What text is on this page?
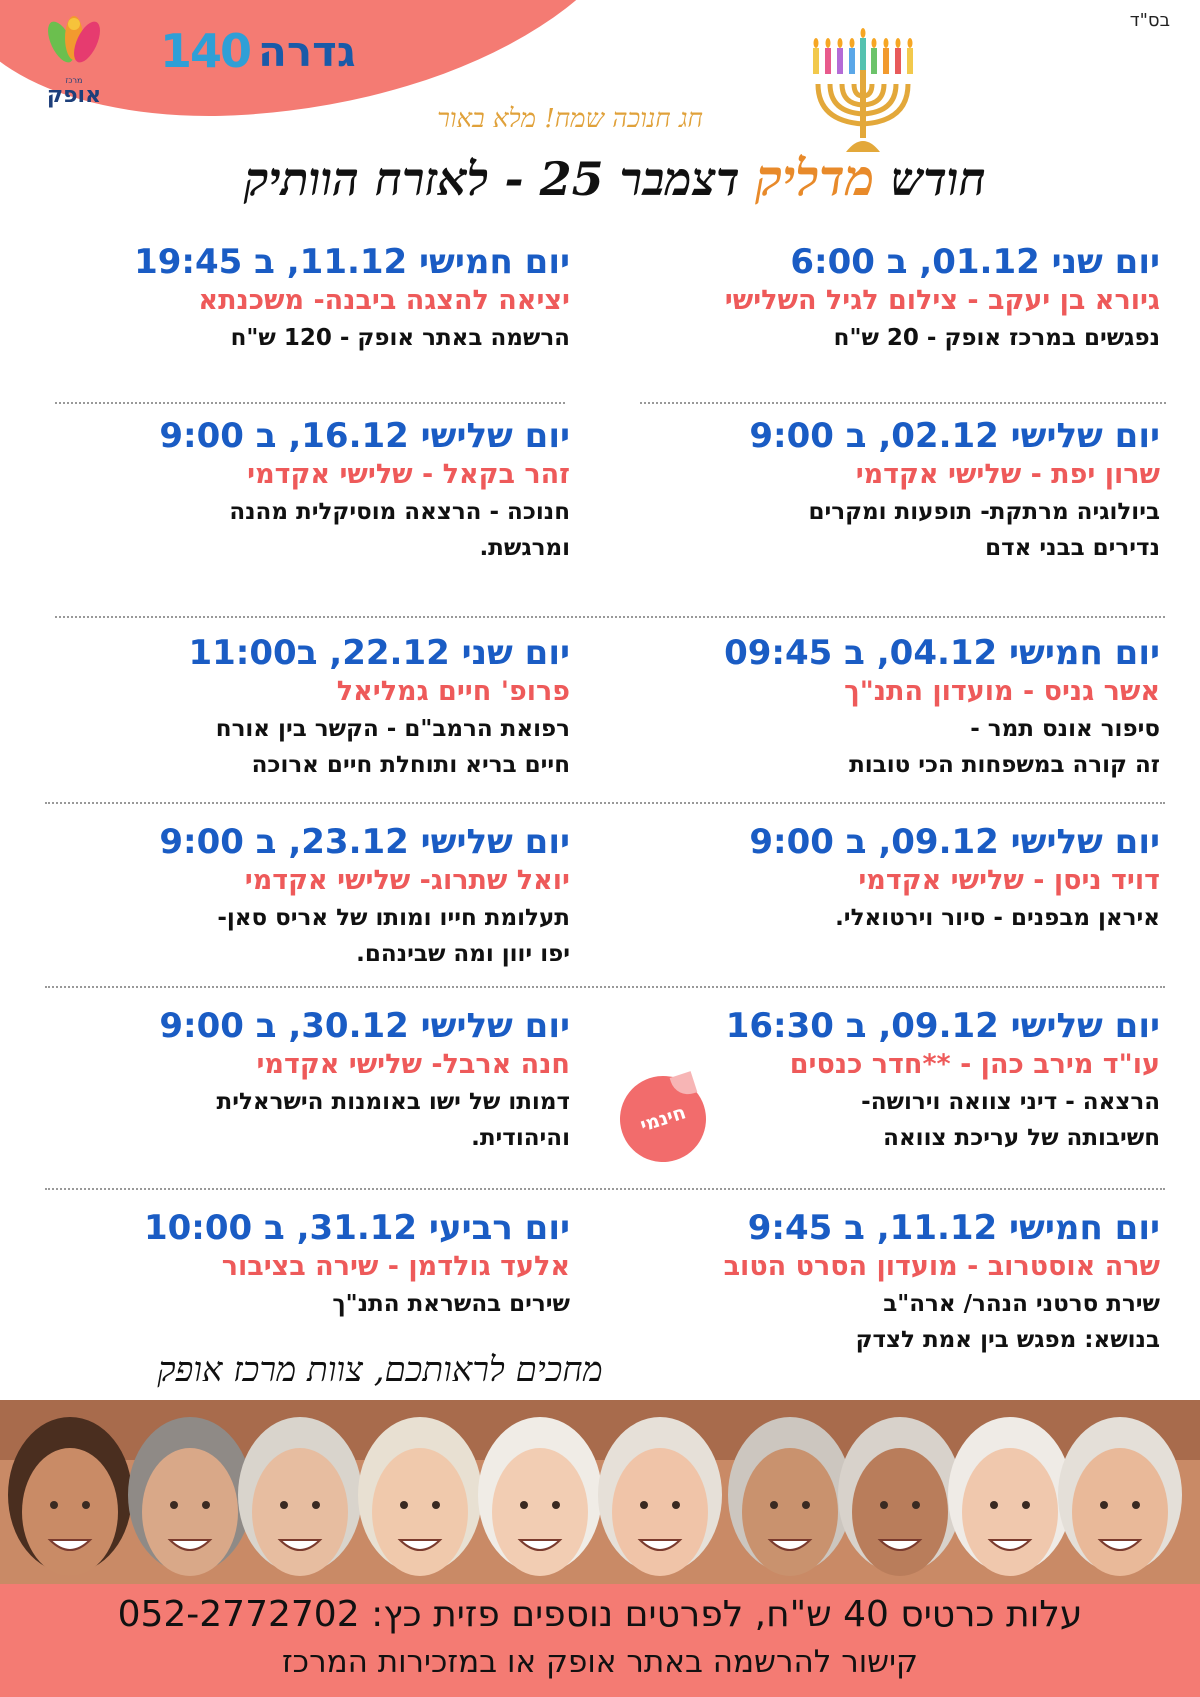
בס"ד
מרכז
אופק
140 גדרה
חג חנוכה שמח! מלא באור
חודש מדליק דצמבר 25 - לאזרח הוותיק
יום שני 01.12, ב 6:00
גיורא בן יעקב - צילום לגיל השלישי
נפגשים במרכז אופק - 20 ש"ח
יום שלישי 02.12, ב 9:00
שרון יפת - שלישי אקדמי
ביולוגיה מרתקת- תופעות ומקרים
נדירים בבני אדם
יום חמישי 04.12, ב 09:45
אשר גניס - מועדון התנ"ך
סיפור אונס תמר -
זה קורה במשפחות הכי טובות
יום שלישי 09.12, ב 9:00
דויד ניסן - שלישי אקדמי
איראן מבפנים - סיור וירטואלי.
יום שלישי 09.12, ב 16:30
עו"ד מירב כהן - **חדר כנסים
הרצאה - דיני צוואה וירושה-
חשיבותה של עריכת צוואה
יום חמישי 11.12, ב 9:45
שרה אוסטרוב - מועדון הסרט הטוב
שירת סרטני הנהר/ ארה"ב
בנושא: מפגש בין אמת לצדק
יום חמישי 11.12, ב 19:45
יציאה להצגה ביבנה- משכנתא
הרשמה באתר אופק - 120 ש"ח
יום שלישי 16.12, ב 9:00
זהר בקאל - שלישי אקדמי
חנוכה - הרצאה מוסיקלית מהנה
ומרגשת.
יום שני 22.12, ב11:00
פרופ' חיים גמליאל
רפואת הרמב"ם - הקשר בין אורח
חיים בריא ותוחלת חיים ארוכה
יום שלישי 23.12, ב 9:00
יואל שתרוג- שלישי אקדמי
תעלומת חייו ומותו של אריס סאן-
יפו יוון ומה שבינהם.
יום שלישי 30.12, ב 9:00
חנה ארבל- שלישי אקדמי
דמותו של ישו באומנות הישראלית
והיהודית.
יום רביעי 31.12, ב 10:00
אלעד גולדמן - שירה בציבור
שירים בהשראת התנ"ך
חינמי
מחכים לראותכם, צוות מרכז אופק
עלות כרטיס 40 ש"ח, לפרטים נוספים פזית כץ: 052-2772702
קישור להרשמה באתר אופק או במזכירות המרכז
